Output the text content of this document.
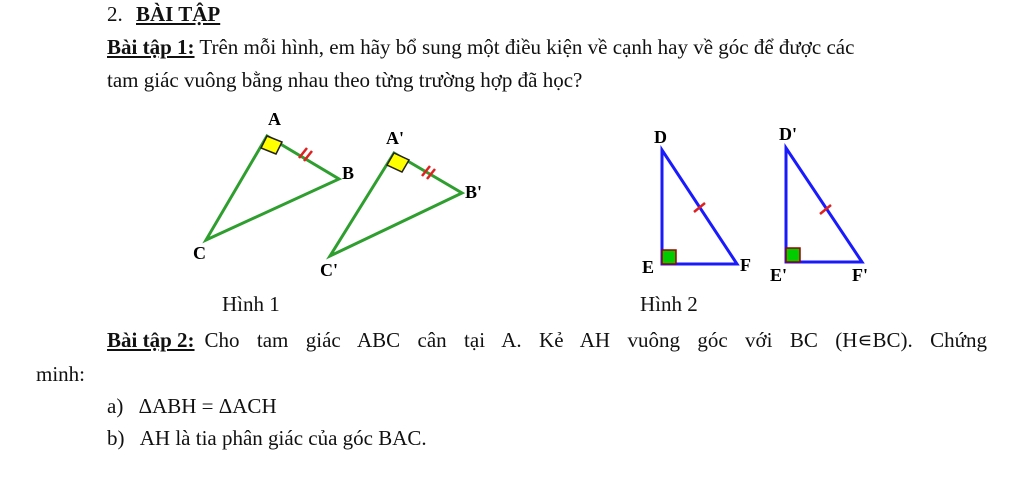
2. BÀI TẬP
Bài tập 1: Trên mỗi hình, em hãy bổ sung một điều kiện về cạnh hay về góc để được các
tam giác vuông bằng nhau theo từng trường hợp đã học?
A
B
C
A'
B'
C'
D
E	F
D'
E'	F'
Hình 1	Hình 2
Bài tập 2: Cho tam giác ABC cân tại A. Kẻ AH vuông góc với BC (H∊BC). Chứng
minh:
a) ΔABH = ΔACH
b) AH là tia phân giác của góc BAC.
